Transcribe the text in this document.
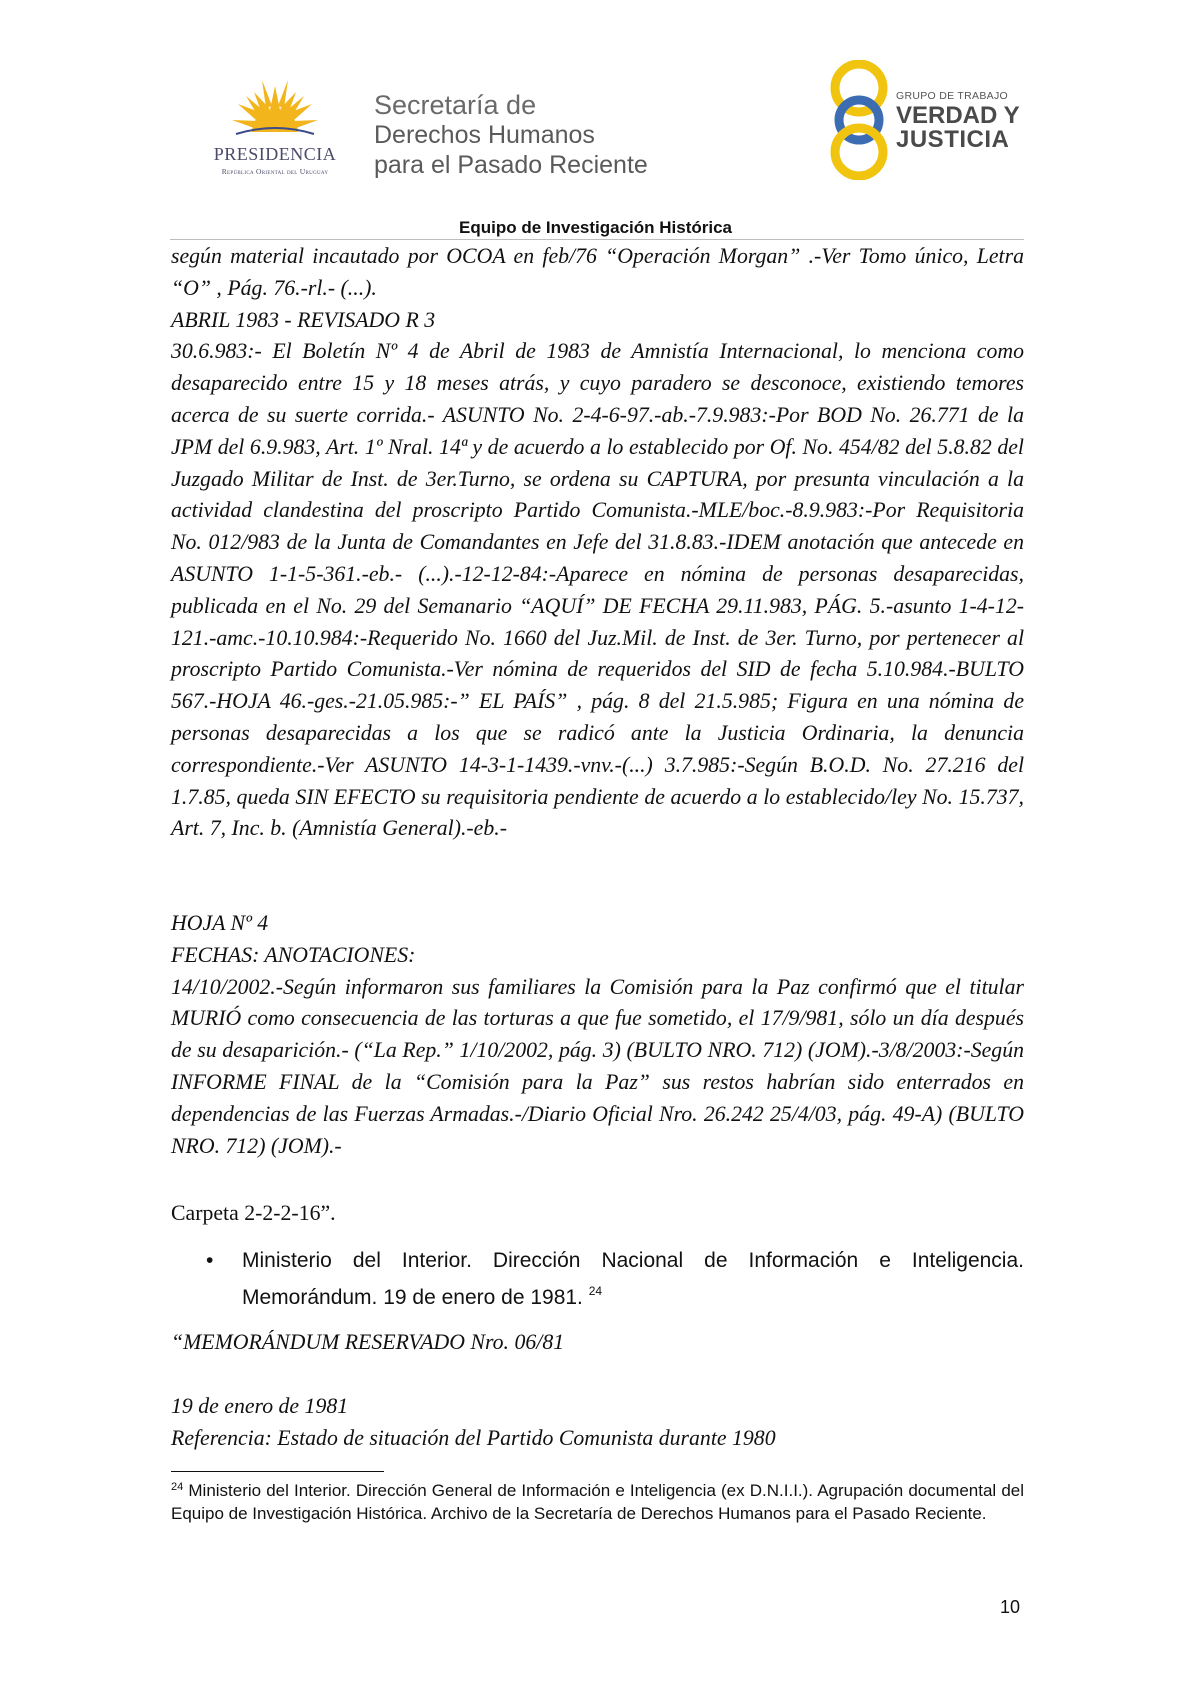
PRESIDENCIA
República Oriental del Uruguay
Secretaría de
Derechos Humanos
para el Pasado Reciente
GRUPO DE TRABAJO
VERDAD Y
JUSTICIA
Equipo de Investigación Histórica

según material incautado por OCOA en feb/76 “Operación Morgan” .-Ver Tomo único, Letra “O” , Pág. 76.-rl.- (...).

ABRIL 1983 - REVISADO R 3

30.6.983:- El Boletín Nº 4 de Abril de 1983 de Amnistía Internacional, lo menciona como desaparecido entre 15 y 18 meses atrás, y cuyo paradero se desconoce, existiendo temores acerca de su suerte corrida.- ASUNTO No. 2-4-6-97.-ab.-7.9.983:-Por BOD No. 26.771 de la JPM del 6.9.983, Art. 1º Nral. 14ª y de acuerdo a lo establecido por Of. No. 454/82 del 5.8.82 del Juzgado Militar de Inst. de 3er.Turno, se ordena su CAPTURA, por presunta vinculación a la actividad clandestina del proscripto Partido Comunista.-MLE/boc.-8.9.983:-Por Requisitoria No. 012/983 de la Junta de Comandantes en Jefe del 31.8.83.-IDEM anotación que antecede en ASUNTO 1-1-5-361.-eb.- (...).-12-12-84:-Aparece en nómina de personas desaparecidas, publicada en el No. 29 del Semanario “AQUÍ” DE FECHA 29.11.983, PÁG. 5.-asunto 1-4-12-121.-amc.-10.10.984:-Requerido No. 1660 del Juz.Mil. de Inst. de 3er. Turno, por pertenecer al proscripto Partido Comunista.-Ver nómina de requeridos del SID de fecha 5.10.984.-BULTO 567.-HOJA 46.-ges.-21.05.985:-” EL PAÍS” , pág. 8 del 21.5.985; Figura en una nómina de personas desaparecidas a los que se radicó ante la Justicia Ordinaria, la denuncia correspondiente.-Ver ASUNTO 14-3-1-1439.-vnv.-(...) 3.7.985:-Según B.O.D. No. 27.216 del 1.7.85, queda SIN EFECTO su requisitoria pendiente de acuerdo a lo establecido/ley No. 15.737, Art. 7, Inc. b. (Amnistía General).-eb.-

HOJA Nº 4

FECHAS: ANOTACIONES:

14/10/2002.-Según informaron sus familiares la Comisión para la Paz confirmó que el titular MURIÓ como consecuencia de las torturas a que fue sometido, el 17/9/981, sólo un día después de su desaparición.- (“La Rep.” 1/10/2002, pág. 3) (BULTO NRO. 712) (JOM).-3/8/2003:-Según INFORME FINAL de la “Comisión para la Paz” sus restos habrían sido enterrados en dependencias de las Fuerzas Armadas.-/Diario Oficial Nro. 26.242 25/4/03, pág. 49-A) (BULTO NRO. 712) (JOM).-

Carpeta 2-2-2-16”.

• Ministerio del Interior. Dirección Nacional de Información e Inteligencia. Memorándum. 19 de enero de 1981. $^{24}$

“MEMORÁNDUM RESERVADO Nro. 06/81

19 de enero de 1981

Referencia: Estado de situación del Partido Comunista durante 1980

$^{24}$ Ministerio del Interior. Dirección General de Información e Inteligencia (ex D.N.I.I.). Agrupación documental del Equipo de Investigación Histórica. Archivo de la Secretaría de Derechos Humanos para el Pasado Reciente.
10
